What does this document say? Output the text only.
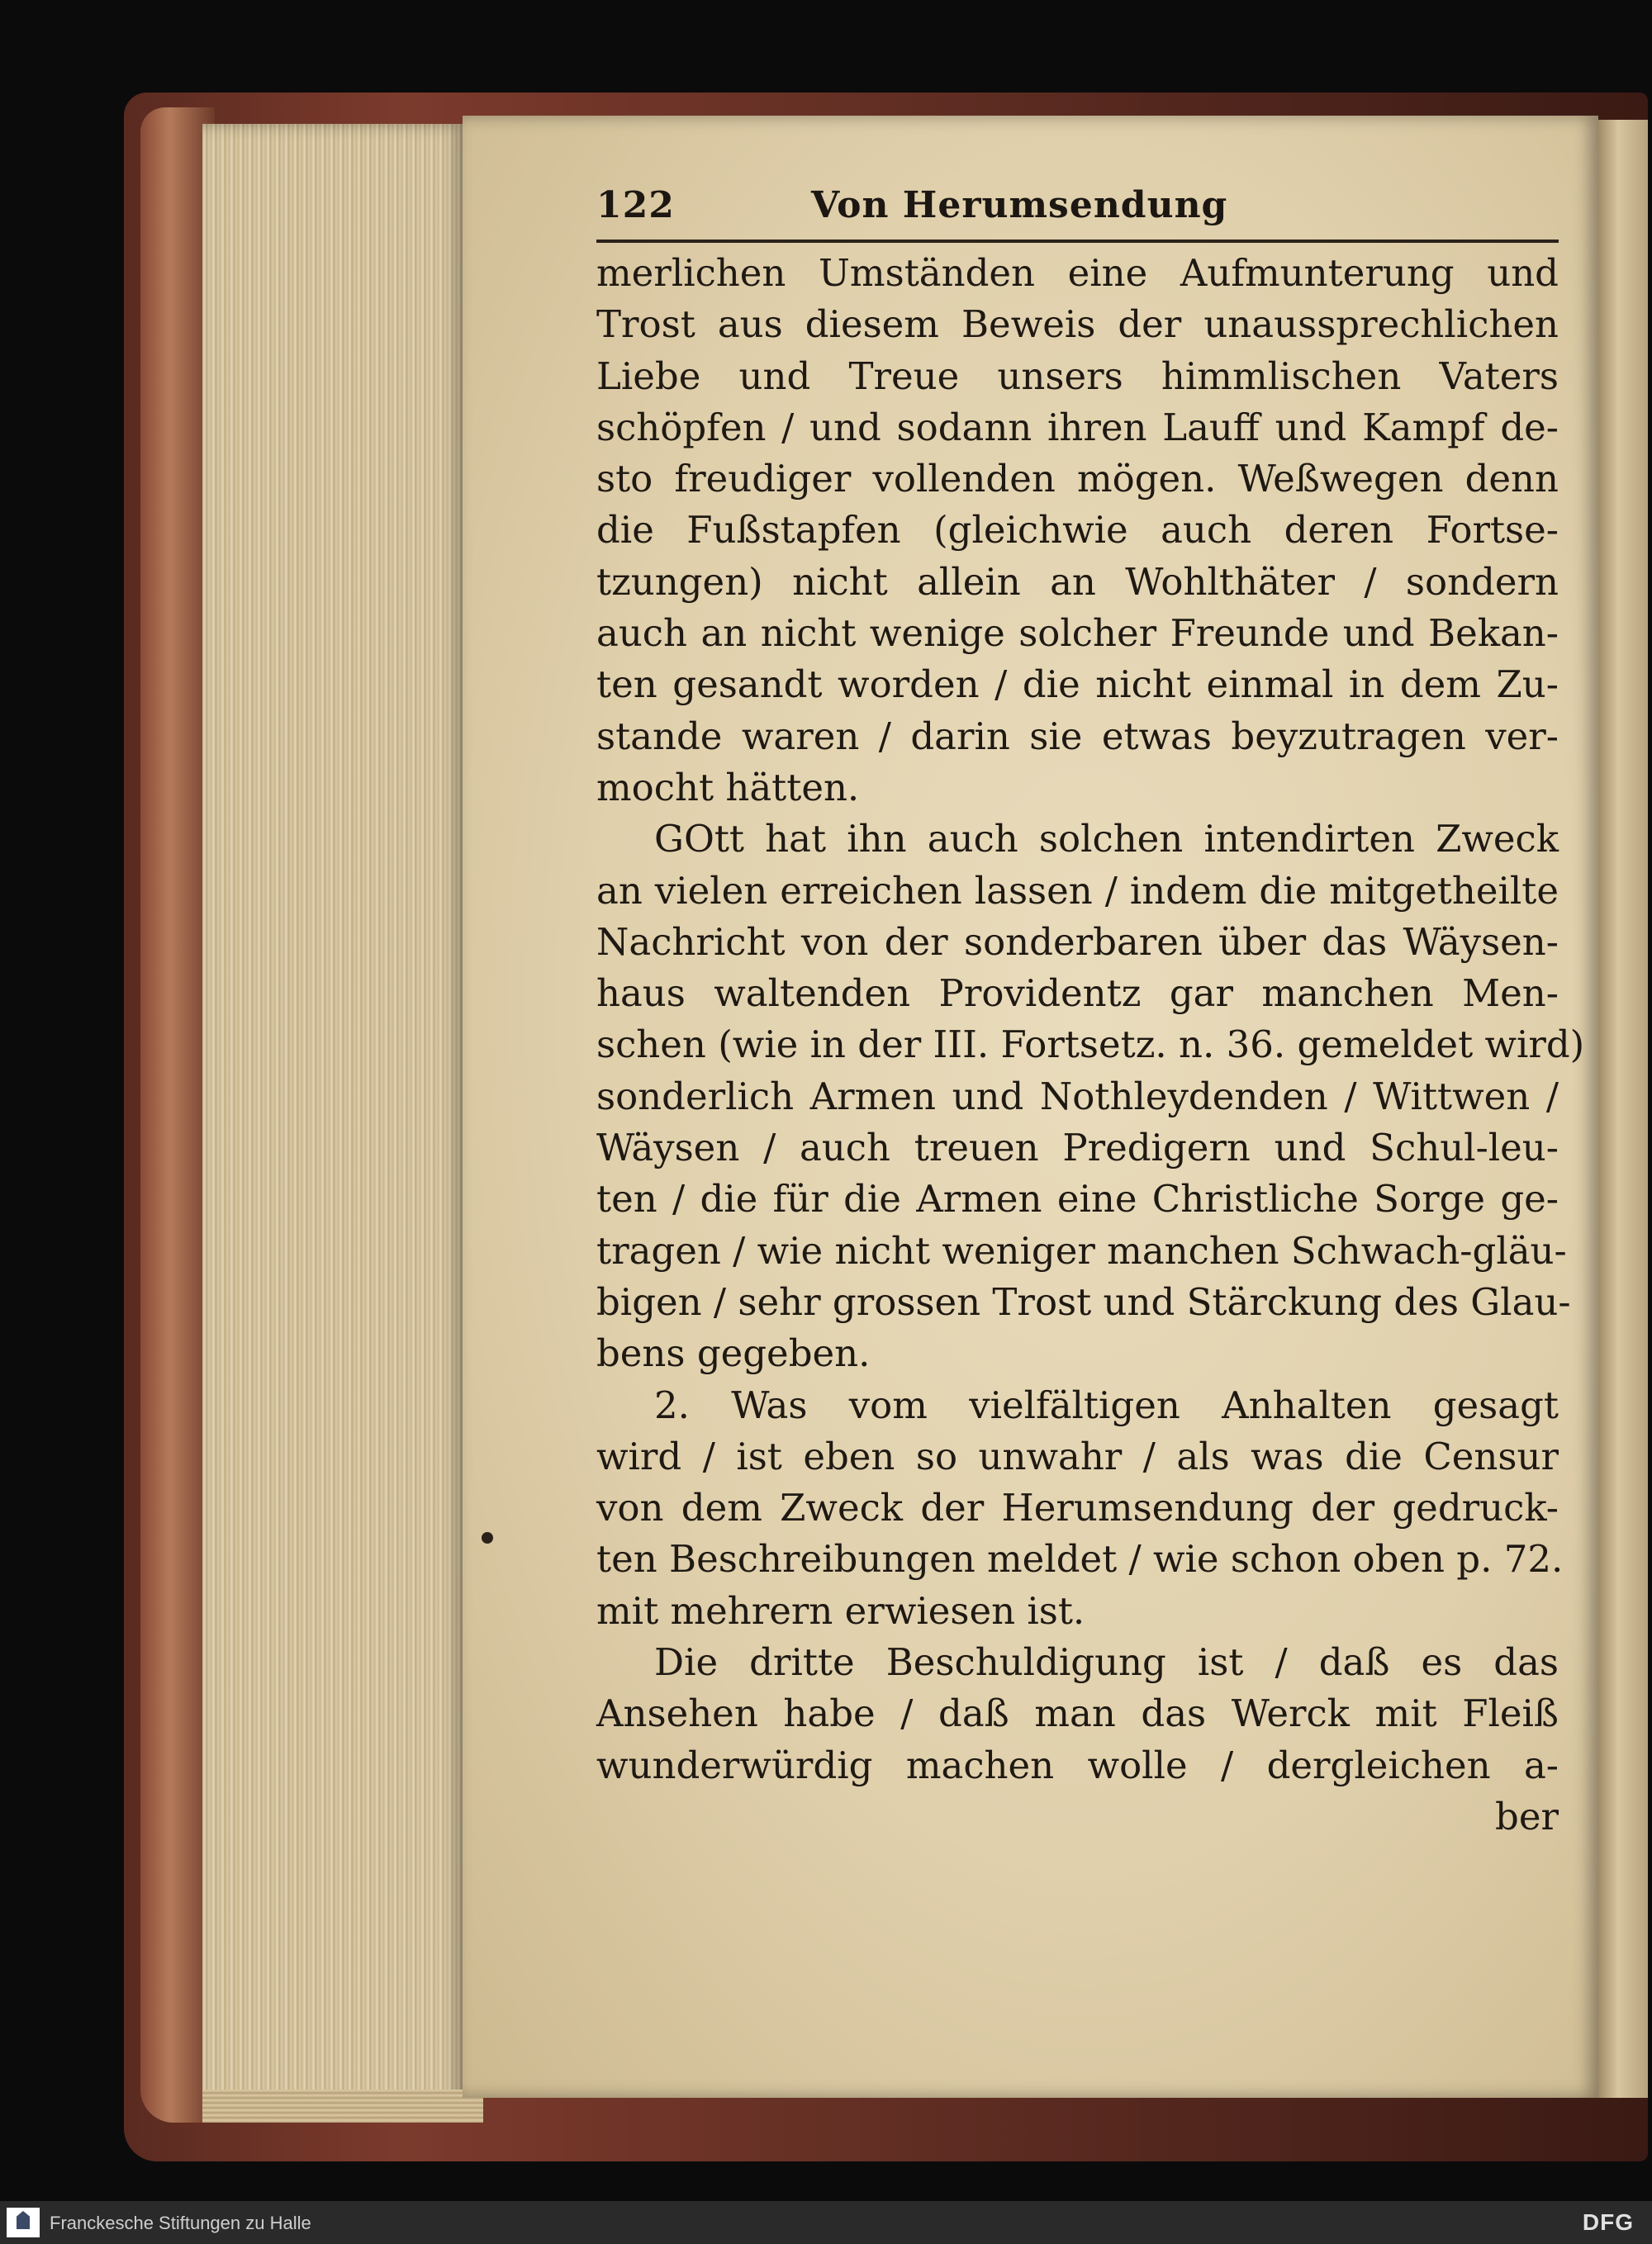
122	Von Herumsendung
merlichen Umständen eine Aufmunterung und
Trost aus diesem Beweis der unaussprechlichen
Liebe und Treue unsers himmlischen Vaters
schöpfen / und sodann ihren Lauff und Kampf de-
sto freudiger vollenden mögen. Weßwegen denn
die Fußstapfen (gleichwie auch deren Fortse-
tzungen) nicht allein an Wohlthäter / sondern
auch an nicht wenige solcher Freunde und Bekan-
ten gesandt worden / die nicht einmal in dem Zu-
stande waren / darin sie etwas beyzutragen ver-
mocht hätten.
GOtt hat ihn auch solchen intendirten Zweck
an vielen erreichen lassen / indem die mitgetheilte
Nachricht von der sonderbaren über das Wäysen-
haus waltenden Providentz gar manchen Men-
schen (wie in der III. Fortsetz. n. 36. gemeldet wird)
sonderlich Armen und Nothleydenden / Wittwen /
Wäysen / auch treuen Predigern und Schul-leu-
ten / die für die Armen eine Christliche Sorge ge-
tragen / wie nicht weniger manchen Schwach-gläu-
bigen / sehr grossen Trost und Stärckung des Glau-
bens gegeben.
2. Was vom vielfältigen Anhalten gesagt
wird / ist eben so unwahr / als was die Censur
von dem Zweck der Herumsendung der gedruck-
ten Beschreibungen meldet / wie schon oben p. 72.
mit mehrern erwiesen ist.
Die dritte Beschuldigung ist / daß es das
Ansehen habe / daß man das Werck mit Fleiß
wunderwürdig machen wolle / dergleichen a-
ber
Franckesche Stiftungen zu Halle	DFG
